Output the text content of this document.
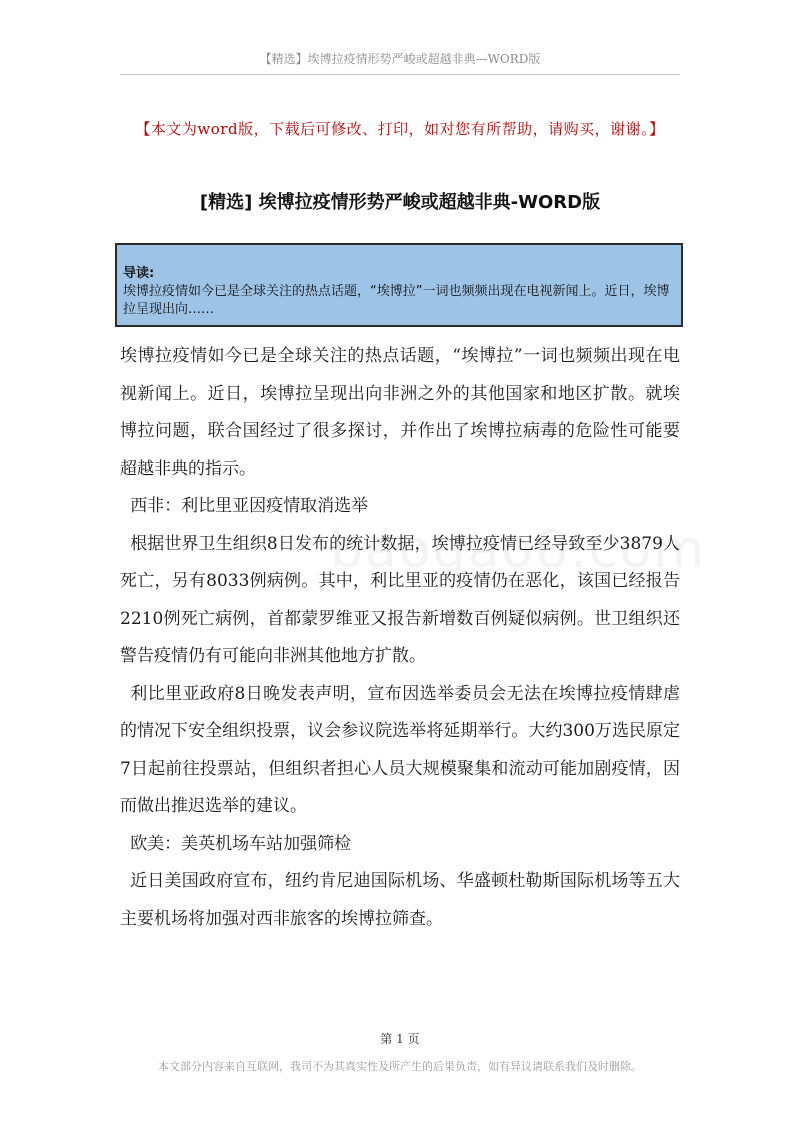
【精选】埃博拉疫情形势严峻或超越非典—WORD版
【本文为word版，下载后可修改、打印，如对您有所帮助，请购买，谢谢。】
[精选] 埃博拉疫情形势严峻或超越非典-WORD版
导读:
埃博拉疫情如今已是全球关注的热点话题，“埃博拉”一词也频频出现在电视新闻上。近日，埃博拉呈现出向……

埃博拉疫情如今已是全球关注的热点话题，“埃博拉”一词也频频出现在电视新闻上。近日，埃博拉呈现出向非洲之外的其他国家和地区扩散。就埃博拉问题，联合国经过了很多探讨，并作出了埃博拉病毒的危险性可能要超越非典的指示。

西非：利比里亚因疫情取消选举

根据世界卫生组织8日发布的统计数据，埃博拉疫情已经导致至少3879人死亡，另有8033例病例。其中，利比里亚的疫情仍在恶化，该国已经报告2210例死亡病例，首都蒙罗维亚又报告新增数百例疑似病例。世卫组织还警告疫情仍有可能向非洲其他地方扩散。

利比里亚政府8日晚发表声明，宣布因选举委员会无法在埃博拉疫情肆虐的情况下安全组织投票，议会参议院选举将延期举行。大约300万选民原定7日起前往投票站，但组织者担心人员大规模聚集和流动可能加剧疫情，因而做出推迟选举的建议。

欧美：美英机场车站加强筛检

近日美国政府宣布，纽约肯尼迪国际机场、华盛顿杜勒斯国际机场等五大主要机场将加强对西非旅客的埃博拉筛查。

第 1 页
本文部分内容来自互联网，我司不为其真实性及所产生的后果负责，如有异议请联系我们及时删除。
